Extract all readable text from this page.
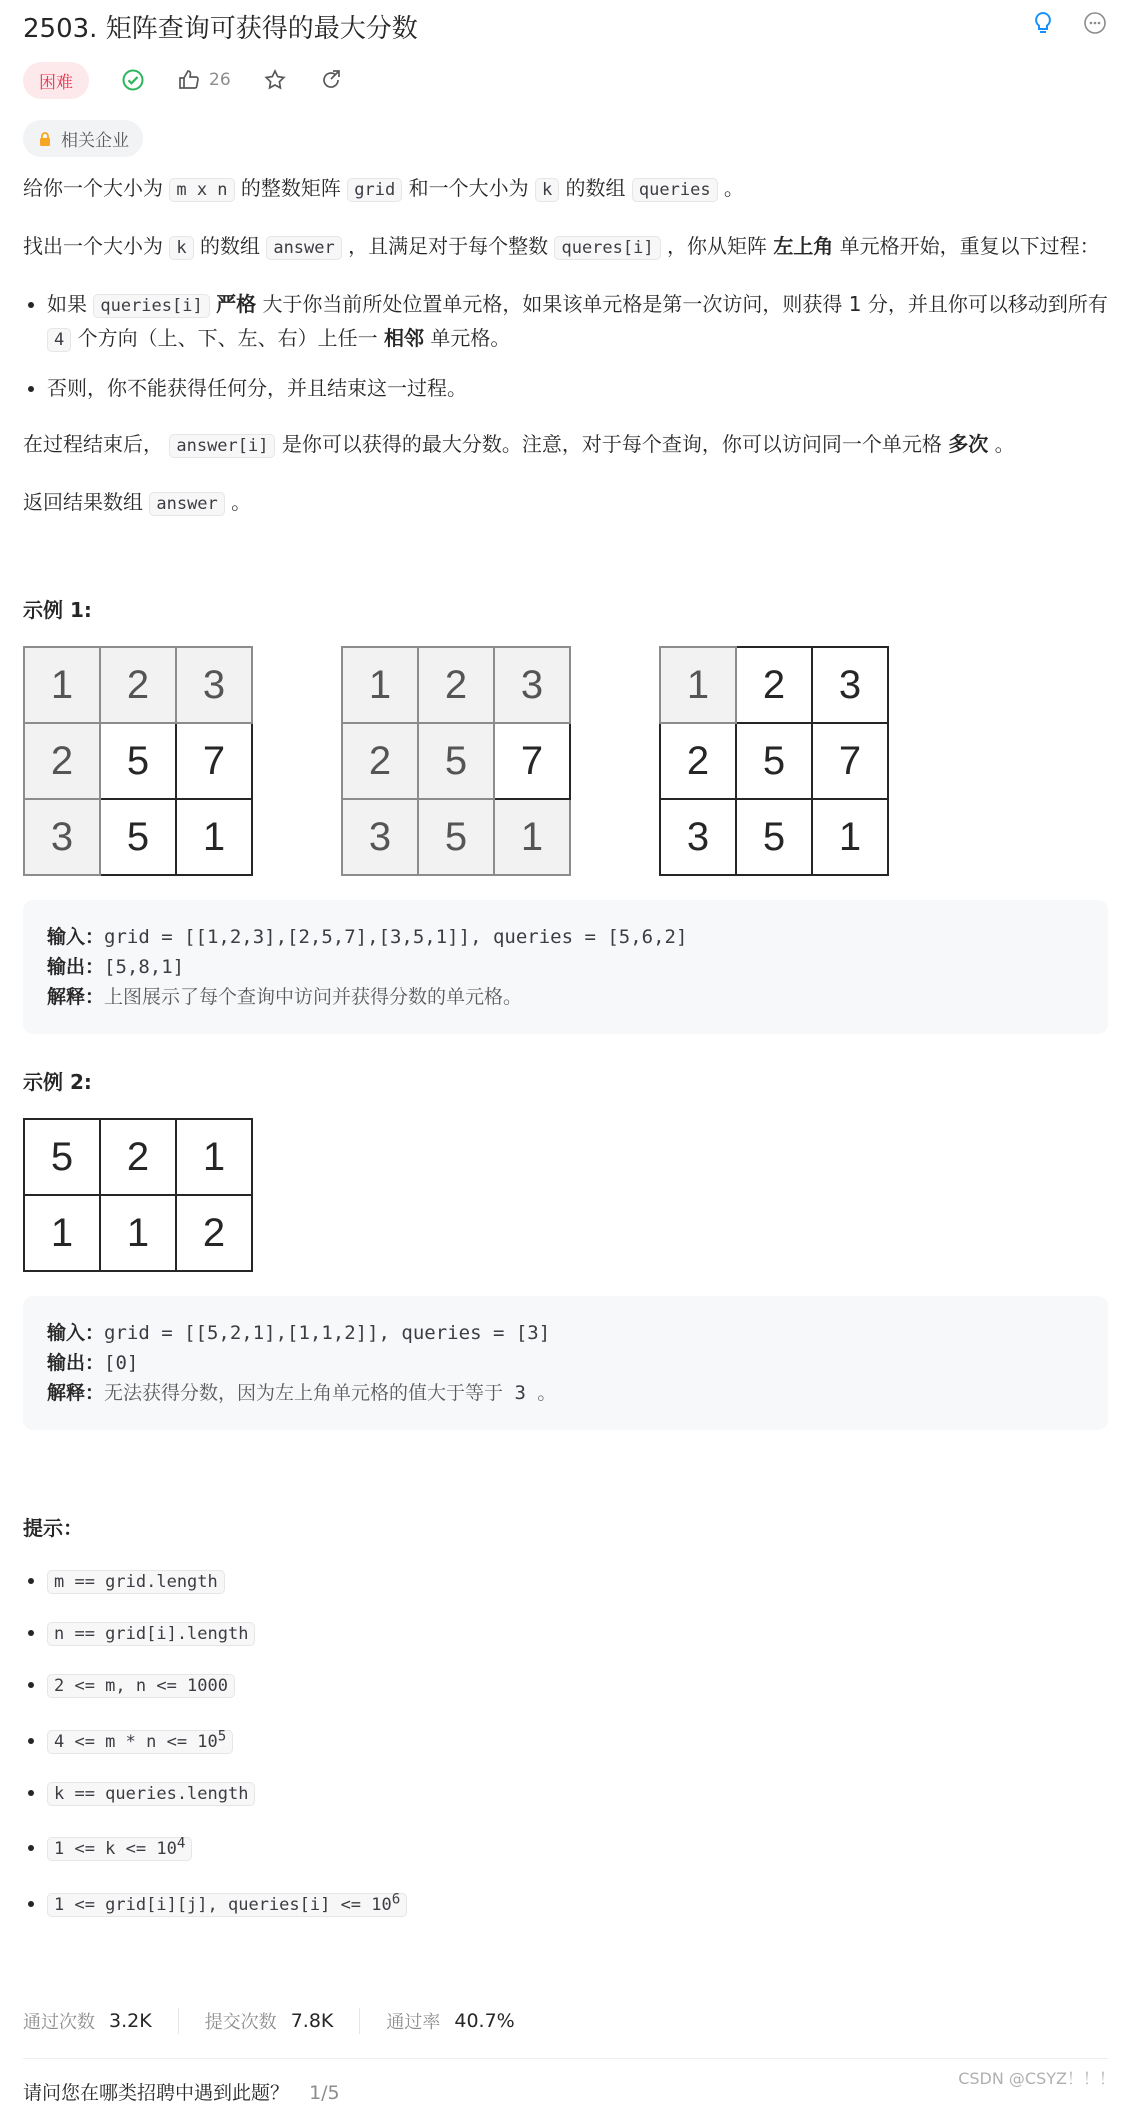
2503. 矩阵查询可获得的最大分数
困难	26
相关企业

给你一个大小为 m x n 的整数矩阵 grid 和一个大小为 k 的数组 queries 。

找出一个大小为 k 的数组 answer ，且满足对于每个整数 queres[i] ，你从矩阵 左上角 单元格开始，重复以下过程：

• 如果 queries[i] 严格 大于你当前所处位置单元格，如果该单元格是第一次访问，则获得 1 分，并且你可以移动到所有 4 个方向（上、下、左、右）上任一 相邻 单元格。
• 否则，你不能获得任何分，并且结束这一过程。

在过程结束后， answer[i] 是你可以获得的最大分数。注意，对于每个查询，你可以访问同一个单元格 多次 。

返回结果数组 answer 。

示例 1:
1	2	3
2	5	7
3	5	1
1	2	3
2	5	7
3	5	1
1	2	3
2	5	7
3	5	1
输入：grid = [[1,2,3],[2,5,7],[3,5,1]], queries = [5,6,2]
输出：[5,8,1]
解释：上图展示了每个查询中访问并获得分数的单元格。
示例 2:
5	2	1
1	1	2
输入：grid = [[5,2,1],[1,1,2]], queries = [3]
输出：[0]
解释：无法获得分数，因为左上角单元格的值大于等于 3 。
提示：
• m == grid.length
• n == grid[i].length
• 2 <= m, n <= 1000
• $4 <= m * n <= 10^5$
• k == queries.length
• $1 <= k <= 10^4$
• 1 <= grid[i][j], queries[i] <= $10^6$
通过次数 3.2K	提交次数 7.8K	通过率 40.7%
请问您在哪类招聘中遇到此题？ 1/5
CSDN @CSYZ！！！
